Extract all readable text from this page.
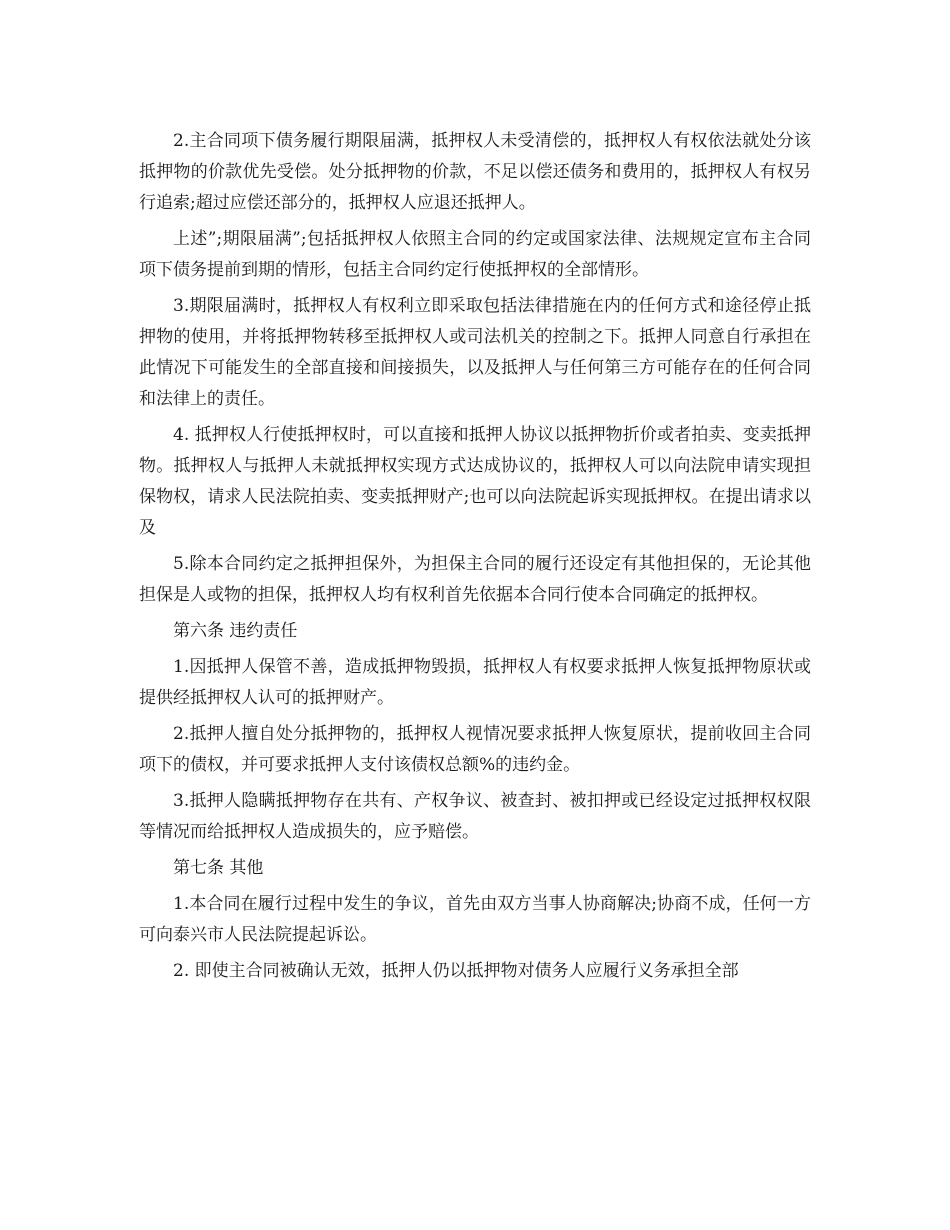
2.主合同项下债务履行期限届满，抵押权人未受清偿的，抵押权人有权依法就处分该抵押物的价款优先受偿。处分抵押物的价款，不足以偿还债务和费用的，抵押权人有权另行追索;超过应偿还部分的，抵押权人应退还抵押人。

上述”;期限届满”;包括抵押权人依照主合同的约定或国家法律、法规规定宣布主合同项下债务提前到期的情形，包括主合同约定行使抵押权的全部情形。

3.期限届满时，抵押权人有权利立即采取包括法律措施在内的任何方式和途径停止抵押物的使用，并将抵押物转移至抵押权人或司法机关的控制之下。抵押人同意自行承担在此情况下可能发生的全部直接和间接损失，以及抵押人与任何第三方可能存在的任何合同和法律上的责任。

4. 抵押权人行使抵押权时，可以直接和抵押人协议以抵押物折价或者拍卖、变卖抵押物。抵押权人与抵押人未就抵押权实现方式达成协议的，抵押权人可以向法院申请实现担保物权，请求人民法院拍卖、变卖抵押财产;也可以向法院起诉实现抵押权。在提出请求以及

5.除本合同约定之抵押担保外，为担保主合同的履行还设定有其他担保的，无论其他担保是人或物的担保，抵押权人均有权利首先依据本合同行使本合同确定的抵押权。

第六条 违约责任

1.因抵押人保管不善，造成抵押物毁损，抵押权人有权要求抵押人恢复抵押物原状或提供经抵押权人认可的抵押财产。

2.抵押人擅自处分抵押物的，抵押权人视情况要求抵押人恢复原状，提前收回主合同项下的债权，并可要求抵押人支付该债权总额%的违约金。

3.抵押人隐瞒抵押物存在共有、产权争议、被查封、被扣押或已经设定过抵押权权限等情况而给抵押权人造成损失的，应予赔偿。

第七条 其他

1.本合同在履行过程中发生的争议，首先由双方当事人协商解决;协商不成，任何一方可向泰兴市人民法院提起诉讼。

2. 即使主合同被确认无效，抵押人仍以抵押物对债务人应履行义务承担全部
